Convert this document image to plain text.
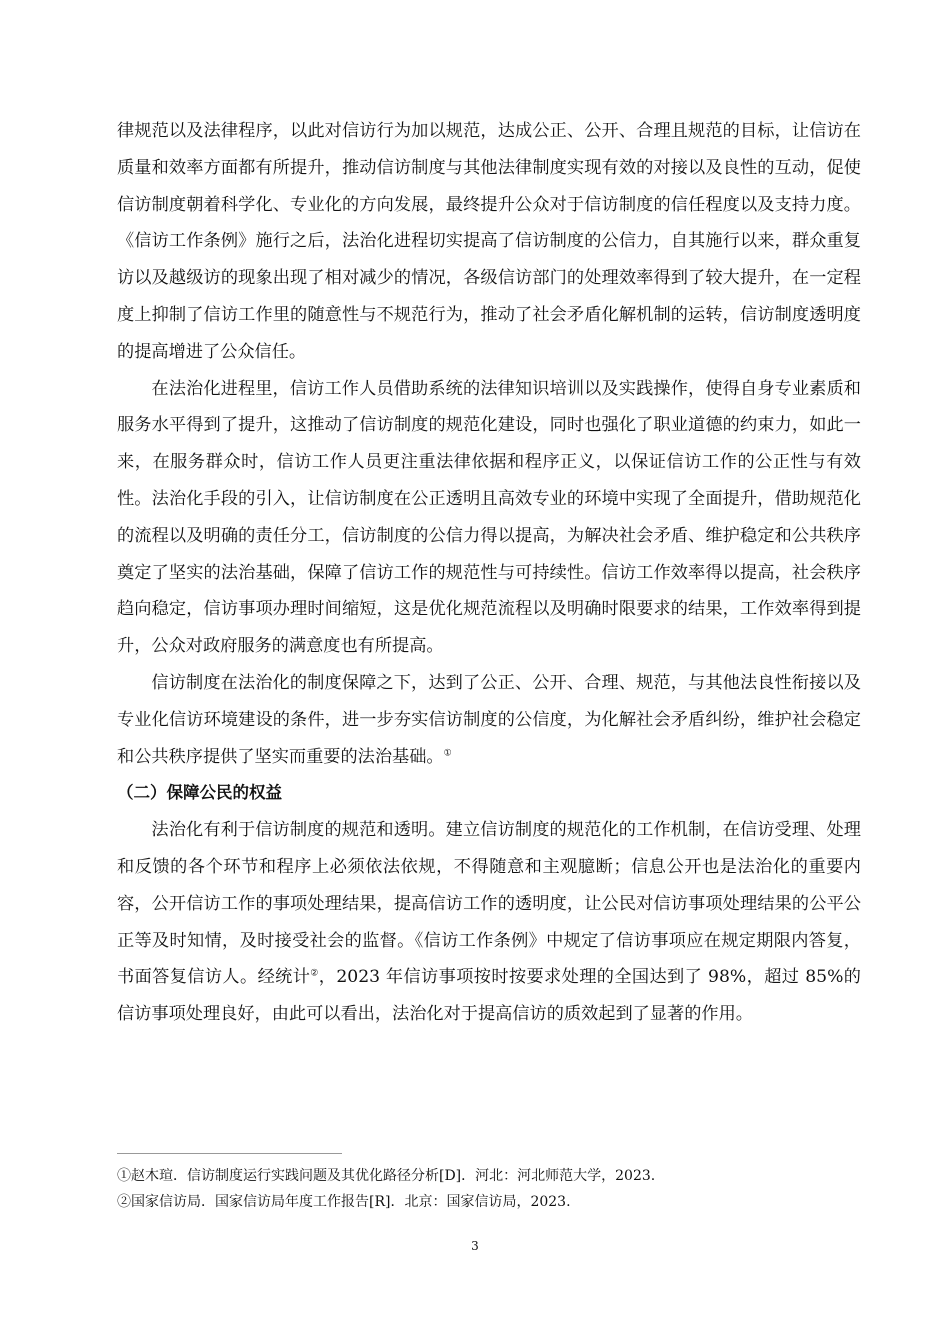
律规范以及法律程序，以此对信访行为加以规范，达成公正、公开、合理且规范的目标，让信访在质量和效率方面都有所提升，推动信访制度与其他法律制度实现有效的对接以及良性的互动，促使信访制度朝着科学化、专业化的方向发展，最终提升公众对于信访制度的信任程度以及支持力度。《信访工作条例》施行之后，法治化进程切实提高了信访制度的公信力，自其施行以来，群众重复访以及越级访的现象出现了相对减少的情况，各级信访部门的处理效率得到了较大提升，在一定程度上抑制了信访工作里的随意性与不规范行为，推动了社会矛盾化解机制的运转，信访制度透明度的提高增进了公众信任。

在法治化进程里，信访工作人员借助系统的法律知识培训以及实践操作，使得自身专业素质和服务水平得到了提升，这推动了信访制度的规范化建设，同时也强化了职业道德的约束力，如此一来，在服务群众时，信访工作人员更注重法律依据和程序正义，以保证信访工作的公正性与有效性。法治化手段的引入，让信访制度在公正透明且高效专业的环境中实现了全面提升，借助规范化的流程以及明确的责任分工，信访制度的公信力得以提高，为解决社会矛盾、维护稳定和公共秩序奠定了坚实的法治基础，保障了信访工作的规范性与可持续性。信访工作效率得以提高，社会秩序趋向稳定，信访事项办理时间缩短，这是优化规范流程以及明确时限要求的结果，工作效率得到提升，公众对政府服务的满意度也有所提高。

信访制度在法治化的制度保障之下，达到了公正、公开、合理、规范，与其他法良性衔接以及专业化信访环境建设的条件，进一步夯实信访制度的公信度，为化解社会矛盾纠纷，维护社会稳定和公共秩序提供了坚实而重要的法治基础。①

（二）保障公民的权益

法治化有利于信访制度的规范和透明。建立信访制度的规范化的工作机制，在信访受理、处理和反馈的各个环节和程序上必须依法依规，不得随意和主观臆断；信息公开也是法治化的重要内容，公开信访工作的事项处理结果，提高信访工作的透明度，让公民对信访事项处理结果的公平公正等及时知情，及时接受社会的监督。《信访工作条例》中规定了信访事项应在规定期限内答复，书面答复信访人。经统计②，2023 年信访事项按时按要求处理的全国达到了 98%，超过 85%的信访事项处理良好，由此可以看出，法治化对于提高信访的质效起到了显著的作用。

①赵木瑄．信访制度运行实践问题及其优化路径分析[D]．河北：河北师范大学，2023.

②国家信访局．国家信访局年度工作报告[R]．北京：国家信访局，2023.

3
